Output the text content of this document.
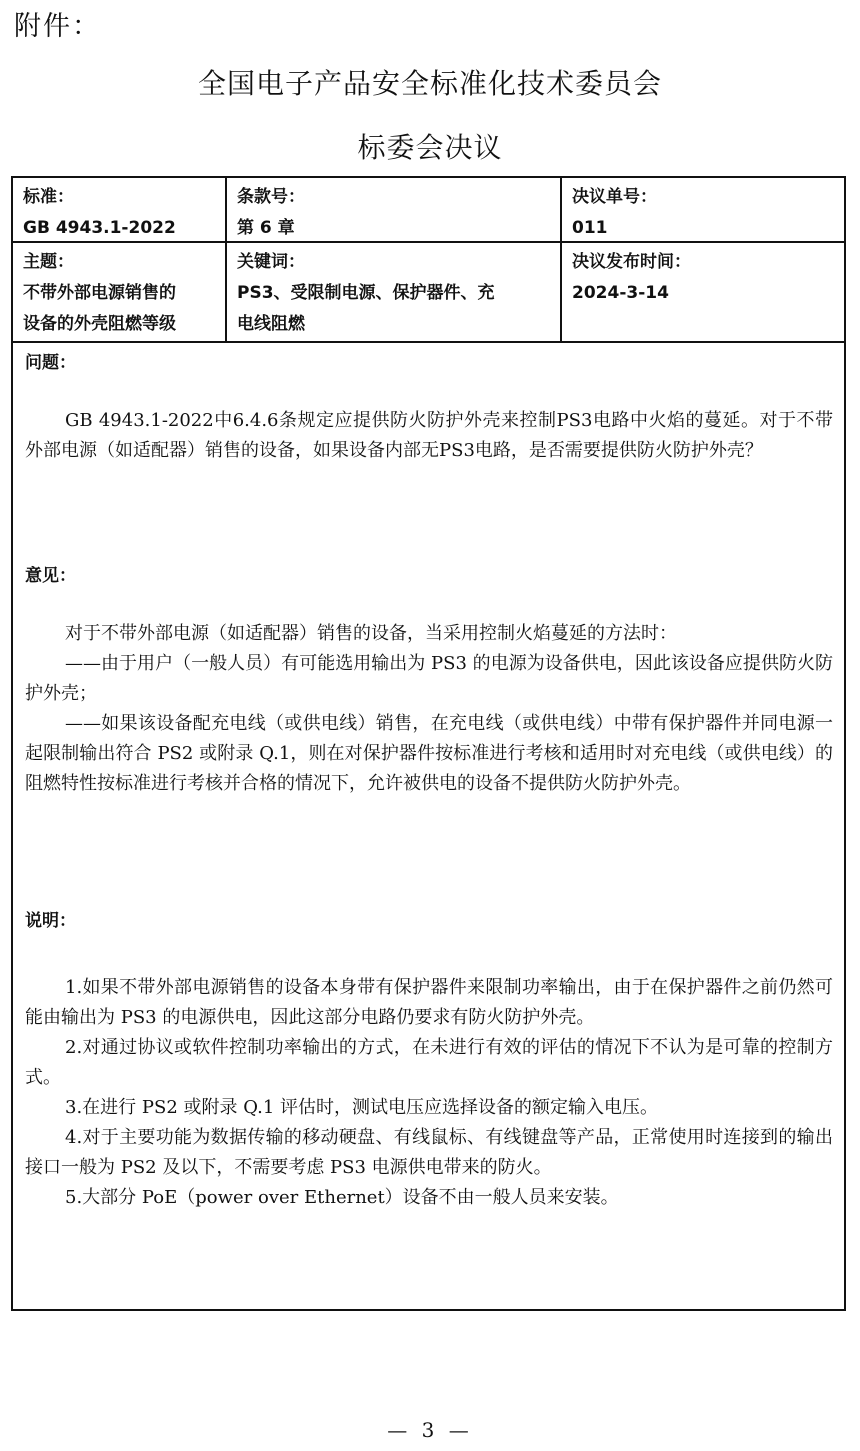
附件：
全国电子产品安全标准化技术委员会
标委会决议
标准：
GB 4943.1-2022
条款号：
第 6 章
决议单号：
011
主题：
不带外部电源销售的
设备的外壳阻燃等级
关键词：
PS3、受限制电源、保护器件、充
电线阻燃
决议发布时间：
2024-3-14
问题：

GB 4943.1-2022中6.4.6条规定应提供防火防护外壳来控制PS3电路中火焰的蔓延。对于不带外部电源（如适配器）销售的设备，如果设备内部无PS3电路，是否需要提供防火防护外壳？

意见：

对于不带外部电源（如适配器）销售的设备，当采用控制火焰蔓延的方法时：

——由于用户（一般人员）有可能选用输出为 PS3 的电源为设备供电，因此该设备应提供防火防护外壳；

——如果该设备配充电线（或供电线）销售，在充电线（或供电线）中带有保护器件并同电源一起限制输出符合 PS2 或附录 Q.1，则在对保护器件按标准进行考核和适用时对充电线（或供电线）的阻燃特性按标准进行考核并合格的情况下，允许被供电的设备不提供防火防护外壳。

说明：

1.如果不带外部电源销售的设备本身带有保护器件来限制功率输出，由于在保护器件之前仍然可能由输出为 PS3 的电源供电，因此这部分电路仍要求有防火防护外壳。

2.对通过协议或软件控制功率输出的方式，在未进行有效的评估的情况下不认为是可靠的控制方式。

3.在进行 PS2 或附录 Q.1 评估时，测试电压应选择设备的额定输入电压。

4.对于主要功能为数据传输的移动硬盘、有线鼠标、有线键盘等产品，正常使用时连接到的输出接口一般为 PS2 及以下，不需要考虑 PS3 电源供电带来的防火。

5.大部分 PoE（power over Ethernet）设备不由一般人员来安装。

— 3 —
